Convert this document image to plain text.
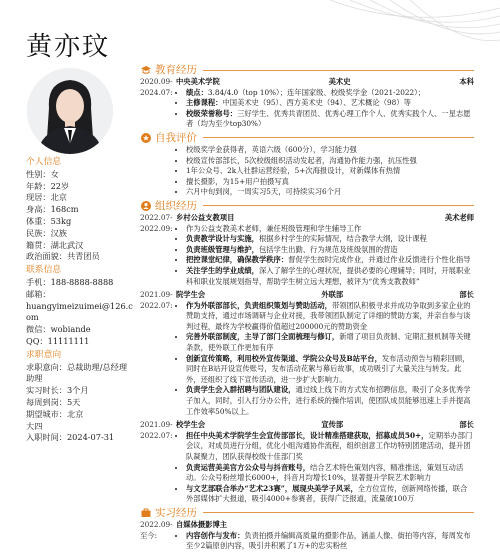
黄亦玟
个人信息
性别：女
年龄：22岁
现居：北京
身高：168cm
体重：53kg
民族：汉族
籍贯：湖北武汉
政治面貌：共青团员
联系信息
手机：188-8888-8888
邮箱：
huangyimeizuimei@126.com
微信：wobiande
QQ：11111111
求职意向
求职意向：总裁助理/总经理助理
实习时长：3个月
每周到岗：5天
期望城市：北京
大四
入职时间：2024-07-31
教育经历
2020.09-
2024.07:
中央美术学院	美术史	本科
• 绩点：3.84/4.0（top 10%）；连年国家级、校级奖学金（2021-2022）；
• 主修课程：中国美术史（95）、西方美术史（94）、艺术概论（98）等
• 校级荣誉称号：三好学生、优秀共青团员、优秀心理工作个人、优秀实践个人、一星志愿者（均为至少top30%）
自我评价
• 校级奖学金获得者，英语六级（600分），学习能力强
• 校级宣传部部长，5次校级组织活动发起者，沟通协作能力强，抗压性强
• 1年公众号、2k人社群运营经验，5+次海报设计，对新媒体有热情
• 擅长摄影，为15+用户拍摄写真
• 六月中旬到岗，一周实习5天，可持续实习6个月
组织经历
2022.07-
2022.09:
乡村公益支教项目	美术老师
• 作为公益支教美术老师，兼任班级管理和学生辅导工作
• 负责教学设计与实施，根据乡村学生的实际情况，结合教学大纲，设计课程
• 负责班级管理与维护，包括学生出勤、行为规范及班级氛围的营造
• 把控课堂纪律，确保教学秩序：督促学生按时完成作业，并通过作业反馈进行个性化指导
• 关注学生的学业成绩，深入了解学生的心理状况，提供必要的心理辅导；同时，开展职业科和职业发展规划指导，帮助学生树立远大理想，被评为“优秀支教教师”
2021.09-
2022.07:
院学生会	外联部	部长
• 作为外联部部长，负责组织策划与赞助活动，带领团队积极寻求并成功争取到多家企业的赞助支持，通过市场调研与企业对接，我带领团队制定了详细的赞助方案，并亲自参与谈判过程，最终为学校赢得价值超过200000元的赞助资金
• 完善外联部制度，主导了部门全面梳理与修订，新增了项目负责制、定期汇报机制等关键条款，使外联工作更加有序
• 创新宣传策略，利用校外宣传渠道、学院公众号及B站平台，发布活动预告与精彩回顾，同时在B站开设宣传账号，发布活动花絮与幕后故事，成功吸引了大量关注与转发。此外，还组织了线下宣传活动，进一步扩大影响力。
• 负责学生会入群招聘与团队建设，通过线上线下的方式发布招聘信息，吸引了众多优秀学子加入，同时，引入打分办公件，进行系统的操作培训，使团队成员能够迅速上手并提高工作效率50%以上。
2021.09-
2022.07:
校学生会	宣传部	部长
• 担任中央美术学院学生会宣传部部长，设计精准搭建获取，招募成员50+，定期举办部门会议，对成员进行分组，优化小组沟通协作流程，组织创意工作坊特别团建活动，提升团队凝聚力，团队获得校级十佳部门奖
• 负责运营美美官方公众号与抖音账号，结合艺术特色策划内容，精准推送，策划互动活动。公众号粉丝增长6000+，抖音月均增长10%，显著提升学院艺术影响力
• 与文艺部联合举办“艺术23赛”，展现央美学子风采，全方位宣传，创新网络传播，联合外部媒体扩大报道，吸引4000+参赛者，获得广泛报道，流量破100万
实习经历
2022.09-
至今:
自媒体摄影博主
• 内容创作与发布：负责拍摄并编辑高质量的摄影作品，涵盖人像、街拍等内容，每周发布至少2篇原创内容，吸引并积累了1万+的忠实粉丝
